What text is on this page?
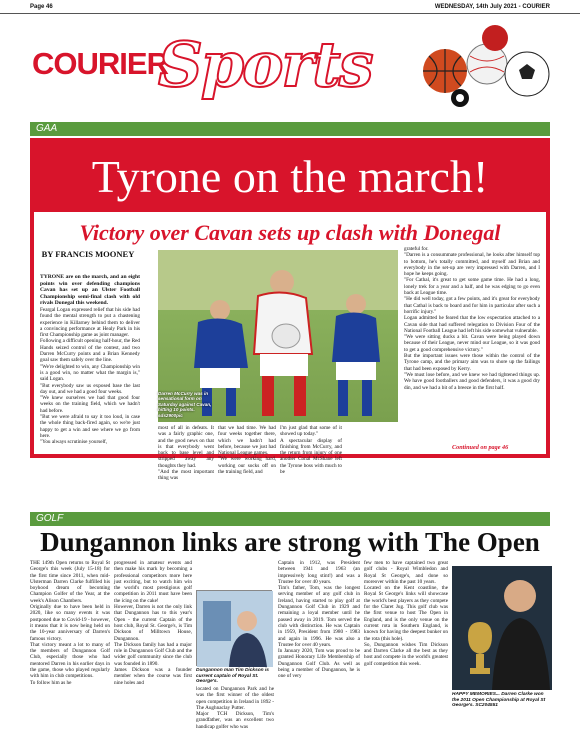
Page 46	WEDNESDAY, 14th July 2021 - COURIER
COURIER
Sports
GAA
Tyrone on the march!
Victory over Cavan sets up clash with Donegal
BY FRANCIS MOONEY

TYRONE are on the march, and an eight points win over defending champions Cavan has set up an Ulster Football Championship semi-final clash with old rivals Donegal this weekend.

Feargal Logan expressed relief that his side had found the mental strength to put a chastening experience in Killarney behind them to deliver a convincing performance at Healy Park in his first Championship game as joint manager.

Following a difficult opening half-hour, the Red Hands seized control of the contest, and two Darren McCurry points and a Brian Kennedy goal saw them safely over the line.

"We're delighted to win, any Championship win is a good win, no matter what the margin is," said Logan.

"But everybody saw us exposed base the last day out, and we had a good four weeks.

"We knew ourselves we had that good four weeks on the training field, which we hadn't had before.

"But we were afraid to say it too loud, in case the whole thing back-fired again, so we're just happy to get a win and see where we go from here.

"You always scrutinise yourself,

Darren McCurry was in sensational form on Saturday against Cavan, hitting 10 points. sds2900pic

most of all in defeats. It was a fairly graphic one, and the good news on that is that everybody went back to base level and stripped away any thoughts they had.

"And the most important thing was

that we had time. We had four weeks together there, which we hadn't had before, because we just had National League games.

"We were working hard, working our socks off on the training field, and

I'm just glad that some of it showed up today."

A spectacular display of finishing from McCurry, and the return from injury of one another Conal McShane left the Tyrone boss with much to be

grateful for.

"Darren is a consummate professional, he looks after himself top to bottom, he's totally committed, and myself and Brian and everybody in the set-up are very impressed with Darren, and I hope he keeps going.

"For Cathal, it's great to get some game time. He had a long, lonely trek for a year and a half, and he was edging to go even back at League time.

"He did well today, got a few points, and it's great for everybody that Cathal is back to board and for him in particular after such a horrific injury."

Logan admitted he feared that the low expectation attached to a Cavan side that had suffered relegation to Division Four of the National Football League had left his side somewhat vulnerable.

"We were sitting ducks a bit. Cavan were being played down because of their League, never mind our League, so it was good to get a good comprehensive victory."

But the important issues were those within the control of the Tyrone camp, and the primary aim was to shore up the failings that had been exposed by Kerry.

"We must lose before, and we knew we had tightened things up. We have good footballers and good defenders, it was a good dry din, and we had a bit of a breeze in the first half.

Continued on page 46
GOLF
Dungannon links are strong with The Open

THE 149th Open returns to Royal St George's this week (July 15-18) for the first time since 2011, when mid-Ulsterman Darren Clarke fulfilled his boyhood dream of becoming Champion Golfer of the Year, at the week's Alison Chambers.

Originally due to have been held in 2020, like so many events it was postponed due to Covid-19 - however, it means that it is now being held on the 10-year anniversary of Darren's famous victory.

That victory meant a lot to many of the members of Dungannon Golf Club, especially those who had mentored Darren in his earlier days in the game, those who played regularly with him in club competitions.

To follow him as he

progressed in amateur events and then make his mark by becoming a professional competitors more here just exciting, but to watch him win the world's most prestigious golf competition in 2011 must have been the icing on the cake!

However, Darren is not the only link that Dungannon has to this year's Open - the current Captain of the host club, Royal St. George's, is Tim Dickson of Milltown House, Dungannon.

The Dickson family has had a major role in Dungannon Golf Club and the wider golf community since the club was founded in 1890.

James Dickson was a founder member when the course was first nine holes and

Dungannon man Tim Dickson is current captain of Royal St. George's.

located on Dungannon Park and he was the first winner of the oldest open competition in Ireland in 1892 - The Aughnaclay Putter.

Major TCH Dickson, Tim's grandfather, was an excellent two handicap golfer who was

Captain in 1912, was President between 1941 and 1963 (an impressively long stint!) and was a Trustee for over 40 years.

Tim's father, Tom, was the longest serving member of any golf club in Ireland, having started to play golf at Dungannon Golf Club in 1929 and remaining a loyal member until he passed away in 2019. Tom served the club with distinction. He was Captain in 1959, President from 1980 - 1983 and again in 1996. He was also a Trustee for over 40 years.

In January 2020, Tom was proud to be granted Honorary Life Membership of Dungannon Golf Club. As well as being a member of Dungannon, he is one of very

few men to have captained two great golf clubs - Royal Wimbledon and Royal St George's, and done so moreover within the past 10 years.

Located on the Kent coastline, the Royal St George's links will showcase the world's best players as they compete for the Claret Jug. This golf club was the first venue to host The Open in England, and is the only venue on the current rota in Southern England, is known for having the deepest bunker on the rota (this hole).

So, Dungannon wishes Tim Dickson and Darren Clarke all the best as they host and compete in the world's greatest golf competition this week.

HAPPY MEMORIES... Darren Clarke won the 2011 Open Championship at Royal St George's. SC204551
